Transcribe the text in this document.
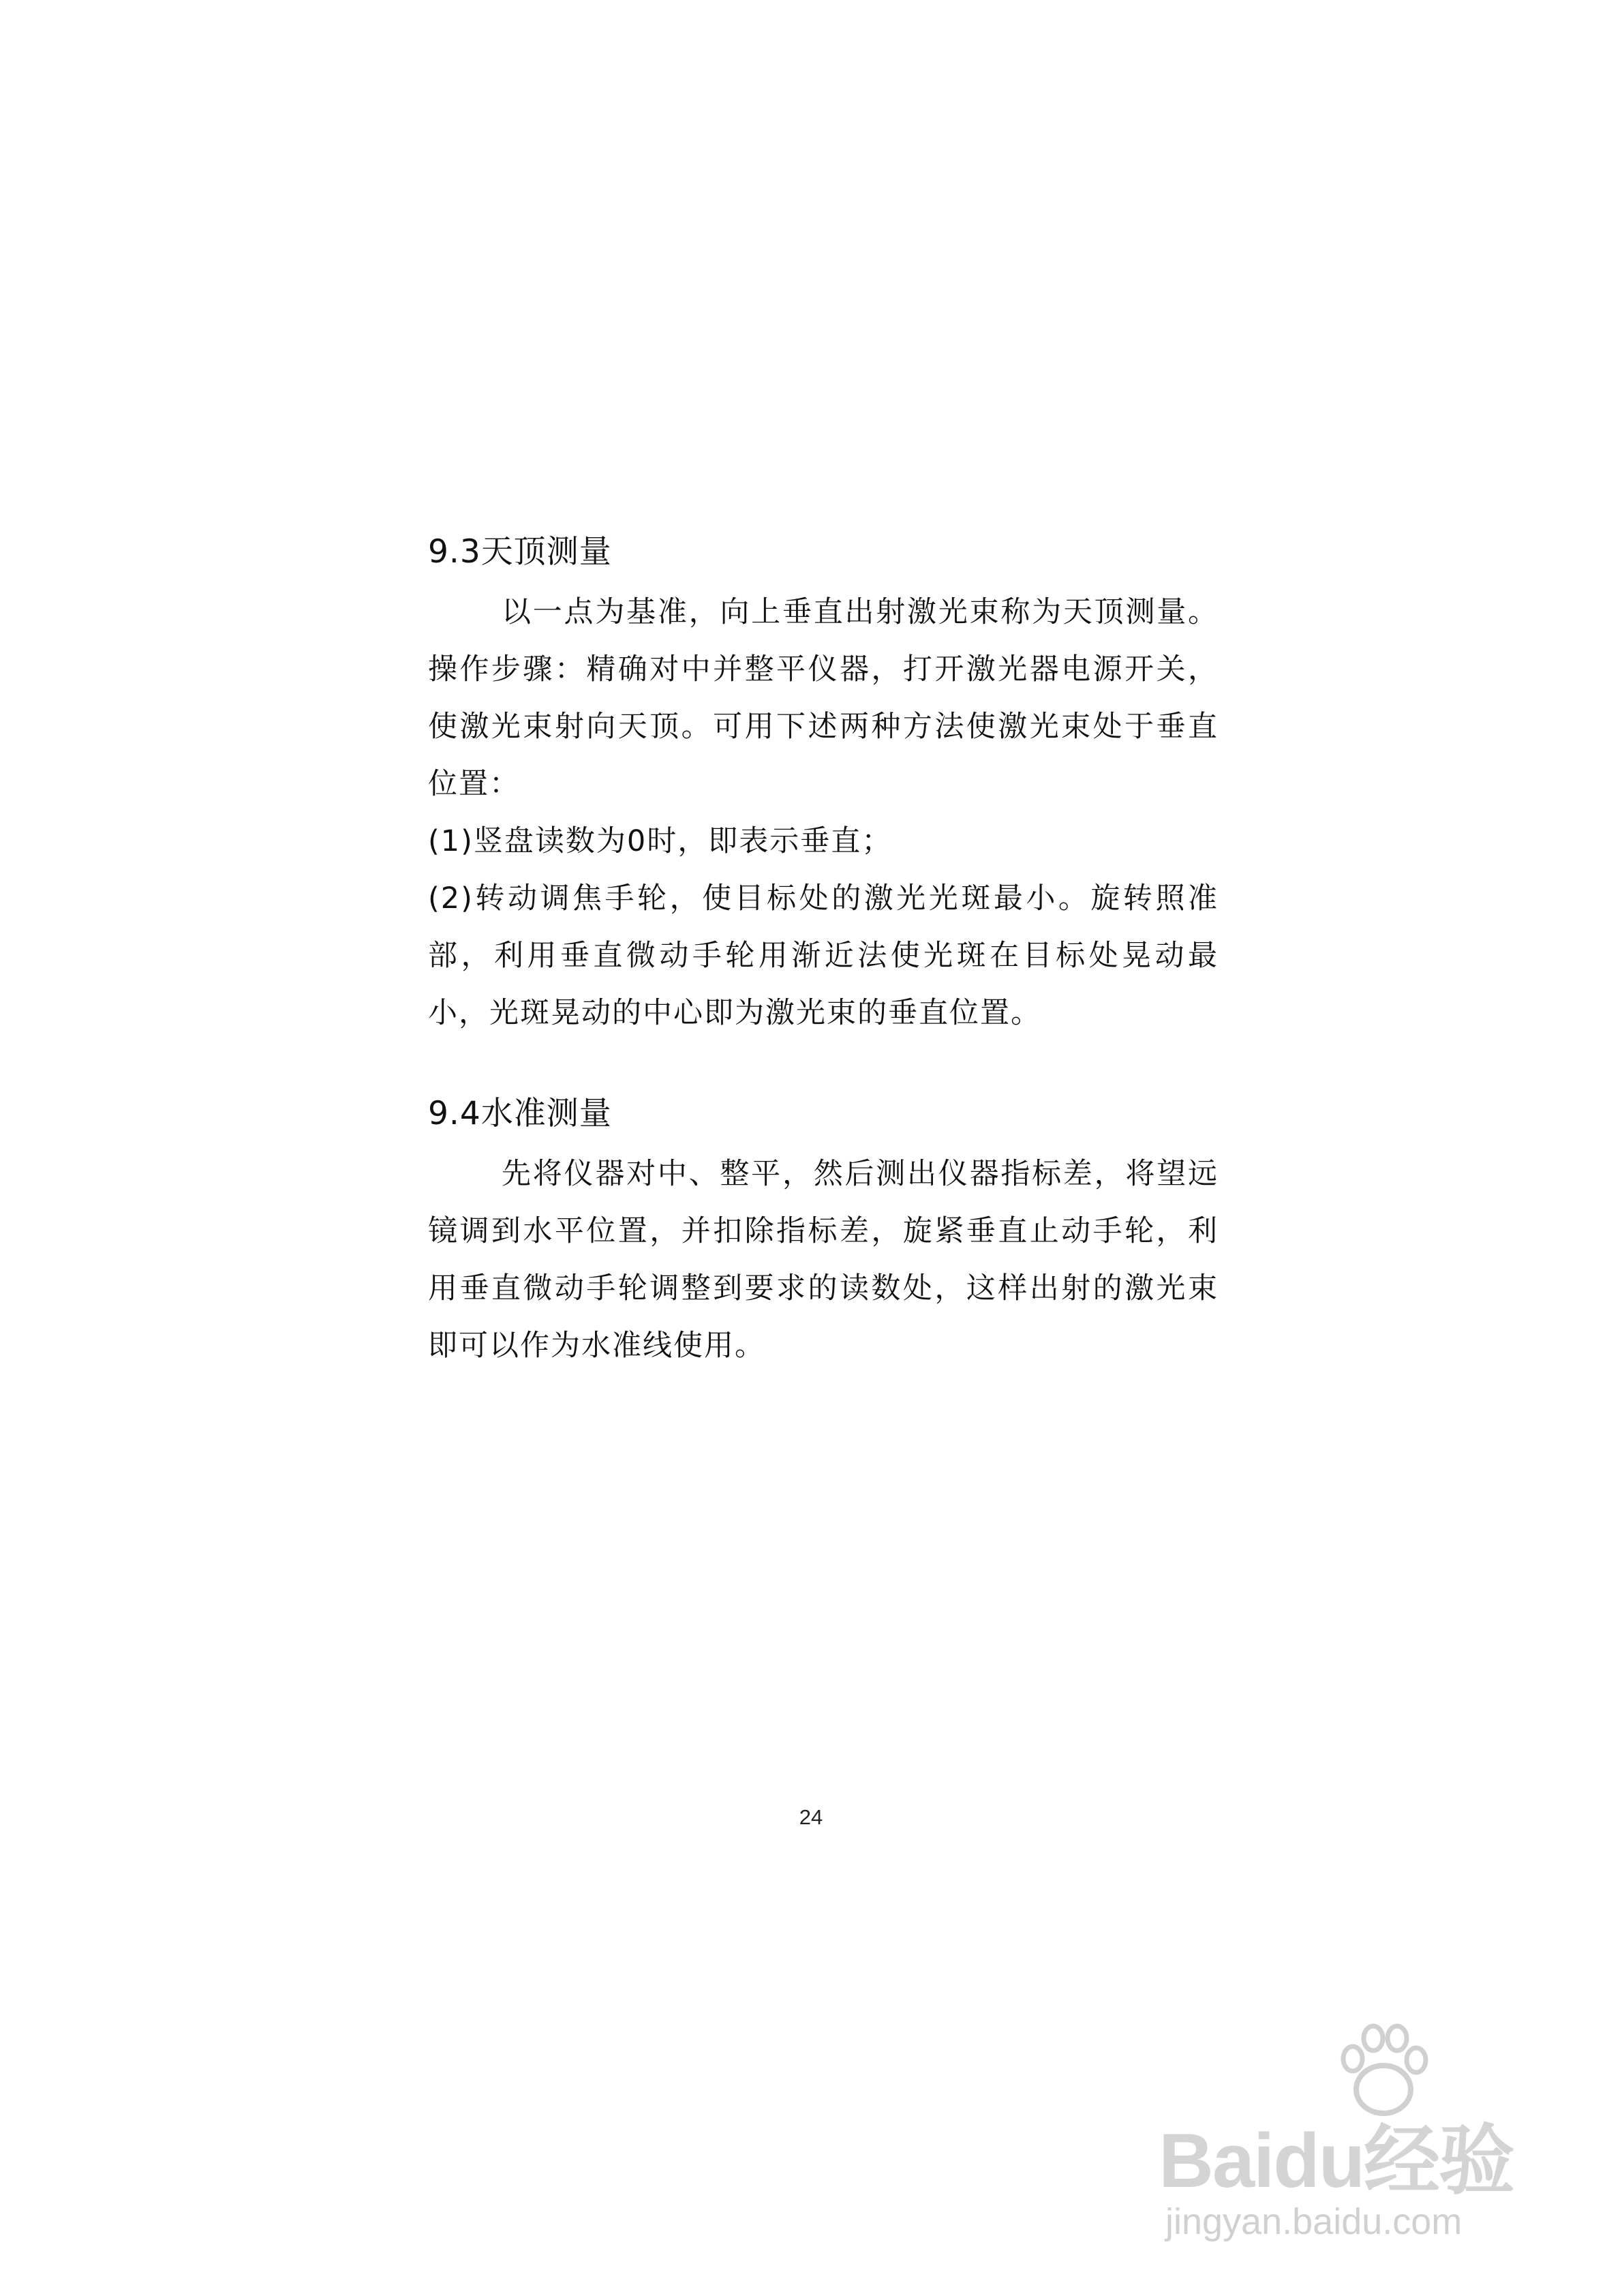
9.3天顶测量

以一点为基准，向上垂直出射激光束称为天顶测量。操作步骤：精确对中并整平仪器，打开激光器电源开关，使激光束射向天顶。可用下述两种方法使激光束处于垂直位置：

(1)竖盘读数为0时，即表示垂直；

(2)转动调焦手轮，使目标处的激光光斑最小。旋转照准部，利用垂直微动手轮用渐近法使光斑在目标处晃动最小，光斑晃动的中心即为激光束的垂直位置。

9.4水准测量

先将仪器对中、整平，然后测出仪器指标差，将望远镜调到水平位置，并扣除指标差，旋紧垂直止动手轮，利用垂直微动手轮调整到要求的读数处，这样出射的激光束即可以作为水准线使用。

24
Baidu经验
jingyan.baidu.com
